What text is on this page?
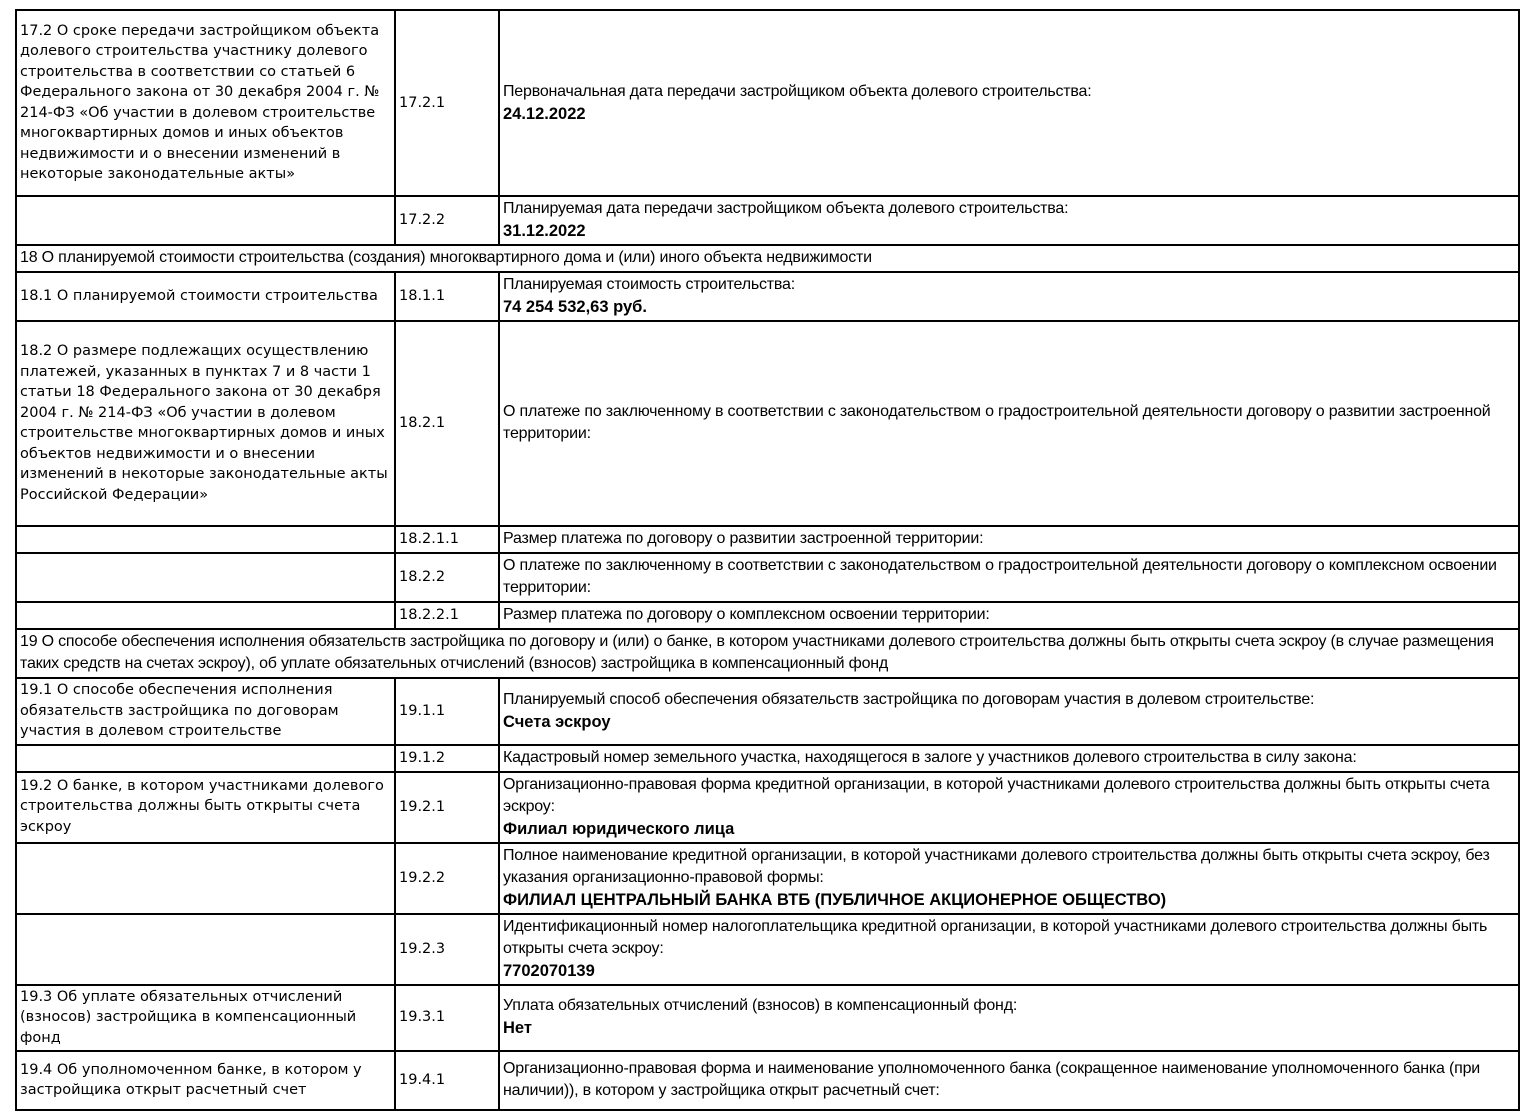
17.2 О сроке передачи застройщиком объекта долевого строительства участнику долевого строительства в соответствии со статьей 6 Федерального закона от 30 декабря 2004 г. № 214-ФЗ «Об участии в долевом строительстве многоквартирных домов и иных объектов недвижимости и о внесении изменений в некоторые законодательные акты»	17.2.1	Первоначальная дата передачи застройщиком объекта долевого строительства:
24.12.2022

	17.2.2	Планируемая дата передачи застройщиком объекта долевого строительства:
31.12.2022

18 О планируемой стоимости строительства (создания) многоквартирного дома и (или) иного объекта недвижимости		
18.1 О планируемой стоимости строительства	18.1.1	Планируемая стоимость строительства:
74 254 532,63 руб.

18.2 О размере подлежащих осуществлению платежей, указанных в пунктах 7 и 8 части 1 статьи 18 Федерального закона от 30 декабря 2004 г. № 214-ФЗ «Об участии в долевом строительстве многоквартирных домов и иных объектов недвижимости и о внесении изменений в некоторые законодательные акты Российской Федерации»	18.2.1	О платеже по заключенному в соответствии с законодательством о градостроительной деятельности договору о развитии застроенной территории:

	18.2.1.1	Размер платежа по договору о развитии застроенной территории:

	18.2.2	О платеже по заключенному в соответствии с законодательством о градостроительной деятельности договору о комплексном освоении территории:

	18.2.2.1	Размер платежа по договору о комплексном освоении территории:

19 О способе обеспечения исполнения обязательств застройщика по договору и (или) о банке, в котором участниками долевого строительства должны быть открыты счета эскроу (в случае размещения таких средств на счетах эскроу), об уплате обязательных отчислений (взносов) застройщика в компенсационный фонд		
19.1 О способе обеспечения исполнения обязательств застройщика по договорам участия в долевом строительстве	19.1.1	Планируемый способ обеспечения обязательств застройщика по договорам участия в долевом строительстве:
Счета эскроу

	19.1.2	Кадастровый номер земельного участка, находящегося в залоге у участников долевого строительства в силу закона:

19.2 О банке, в котором участниками долевого строительства должны быть открыты счета эскроу	19.2.1	Организационно-правовая форма кредитной организации, в которой участниками долевого строительства должны быть открыты счета эскроу:
Филиал юридического лица

	19.2.2	Полное наименование кредитной организации, в которой участниками долевого строительства должны быть открыты счета эскроу, без указания организационно-правовой формы:
ФИЛИАЛ ЦЕНТРАЛЬНЫЙ БАНКА ВТБ (ПУБЛИЧНОЕ АКЦИОНЕРНОЕ ОБЩЕСТВО)

	19.2.3	Идентификационный номер налогоплательщика кредитной организации, в которой участниками долевого строительства должны быть открыты счета эскроу:
7702070139

19.3 Об уплате обязательных отчислений (взносов) застройщика в компенсационный фонд	19.3.1	Уплата обязательных отчислений (взносов) в компенсационный фонд:
Нет

19.4 Об уполномоченном банке, в котором у застройщика открыт расчетный счет	19.4.1	Организационно-правовая форма и наименование уполномоченного банка (сокращенное наименование уполномоченного банка (при наличии)), в котором у застройщика открыт расчетный счет:
